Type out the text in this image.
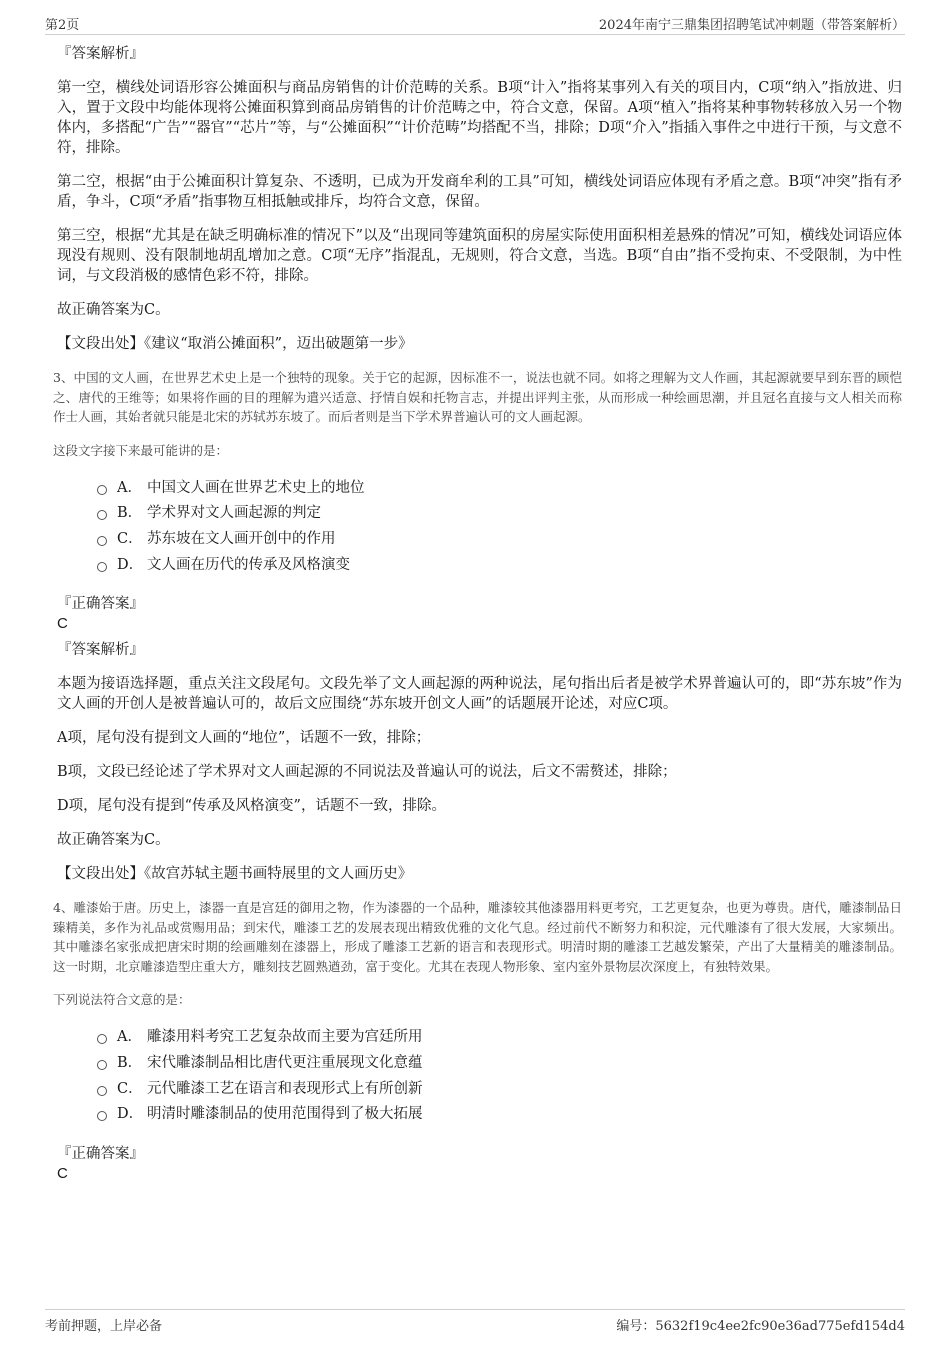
第2页	2024年南宁三鼎集团招聘笔试冲刺题（带答案解析）

『答案解析』

第一空，横线处词语形容公摊面积与商品房销售的计价范畴的关系。B项“计入”指将某事列入有关的项目内，C项“纳入”指放进、归入，置于文段中均能体现将公摊面积算到商品房销售的计价范畴之中，符合文意，保留。A项“植入”指将某种事物转移放入另一个物体内，多搭配“广告”“器官”“芯片”等，与“公摊面积”“计价范畴”均搭配不当，排除；D项“介入”指插入事件之中进行干预，与文意不符，排除。

第二空，根据“由于公摊面积计算复杂、不透明，已成为开发商牟利的工具”可知，横线处词语应体现有矛盾之意。B项“冲突”指有矛盾，争斗，C项“矛盾”指事物互相抵触或排斥，均符合文意，保留。

第三空，根据“尤其是在缺乏明确标准的情况下”以及“出现同等建筑面积的房屋实际使用面积相差悬殊的情况”可知，横线处词语应体现没有规则、没有限制地胡乱增加之意。C项“无序”指混乱，无规则，符合文意，当选。B项“自由”指不受拘束、不受限制，为中性词，与文段消极的感情色彩不符，排除。

故正确答案为C。

【文段出处】《建议“取消公摊面积”，迈出破题第一步》

3、中国的文人画，在世界艺术史上是一个独特的现象。关于它的起源，因标准不一，说法也就不同。如将之理解为文人作画，其起源就要早到东晋的顾恺之、唐代的王维等；如果将作画的目的理解为遣兴适意、抒情自娱和托物言志，并提出评判主张，从而形成一种绘画思潮，并且冠名直接与文人相关而称作士人画，其始者就只能是北宋的苏轼苏东坡了。而后者则是当下学术界普遍认可的文人画起源。

这段文字接下来最可能讲的是：

A． 中国文人画在世界艺术史上的地位
B． 学术界对文人画起源的判定
C． 苏东坡在文人画开创中的作用
D． 文人画在历代的传承及风格演变

『正确答案』

C

『答案解析』

本题为接语选择题，重点关注文段尾句。文段先举了文人画起源的两种说法，尾句指出后者是被学术界普遍认可的，即“苏东坡”作为文人画的开创人是被普遍认可的，故后文应围绕“苏东坡开创文人画”的话题展开论述，对应C项。

A项，尾句没有提到文人画的“地位”，话题不一致，排除；

B项，文段已经论述了学术界对文人画起源的不同说法及普遍认可的说法，后文不需赘述，排除；

D项，尾句没有提到“传承及风格演变”，话题不一致，排除。

故正确答案为C。

【文段出处】《故宫苏轼主题书画特展里的文人画历史》

4、雕漆始于唐。历史上，漆器一直是宫廷的御用之物，作为漆器的一个品种，雕漆较其他漆器用料更考究，工艺更复杂，也更为尊贵。唐代，雕漆制品日臻精美，多作为礼品或赏赐用品；到宋代，雕漆工艺的发展表现出精致优雅的文化气息。经过前代不断努力和积淀，元代雕漆有了很大发展，大家频出。其中雕漆名家张成把唐宋时期的绘画雕刻在漆器上，形成了雕漆工艺新的语言和表现形式。明清时期的雕漆工艺越发繁荣，产出了大量精美的雕漆制品。这一时期，北京雕漆造型庄重大方，雕刻技艺圆熟遒劲，富于变化。尤其在表现人物形象、室内室外景物层次深度上，有独特效果。

下列说法符合文意的是：

A． 雕漆用料考究工艺复杂故而主要为宫廷所用
B． 宋代雕漆制品相比唐代更注重展现文化意蕴
C． 元代雕漆工艺在语言和表现形式上有所创新
D． 明清时雕漆制品的使用范围得到了极大拓展

『正确答案』

C

考前押题，上岸必备	编号：5632f19c4ee2fc90e36ad775efd154d4
